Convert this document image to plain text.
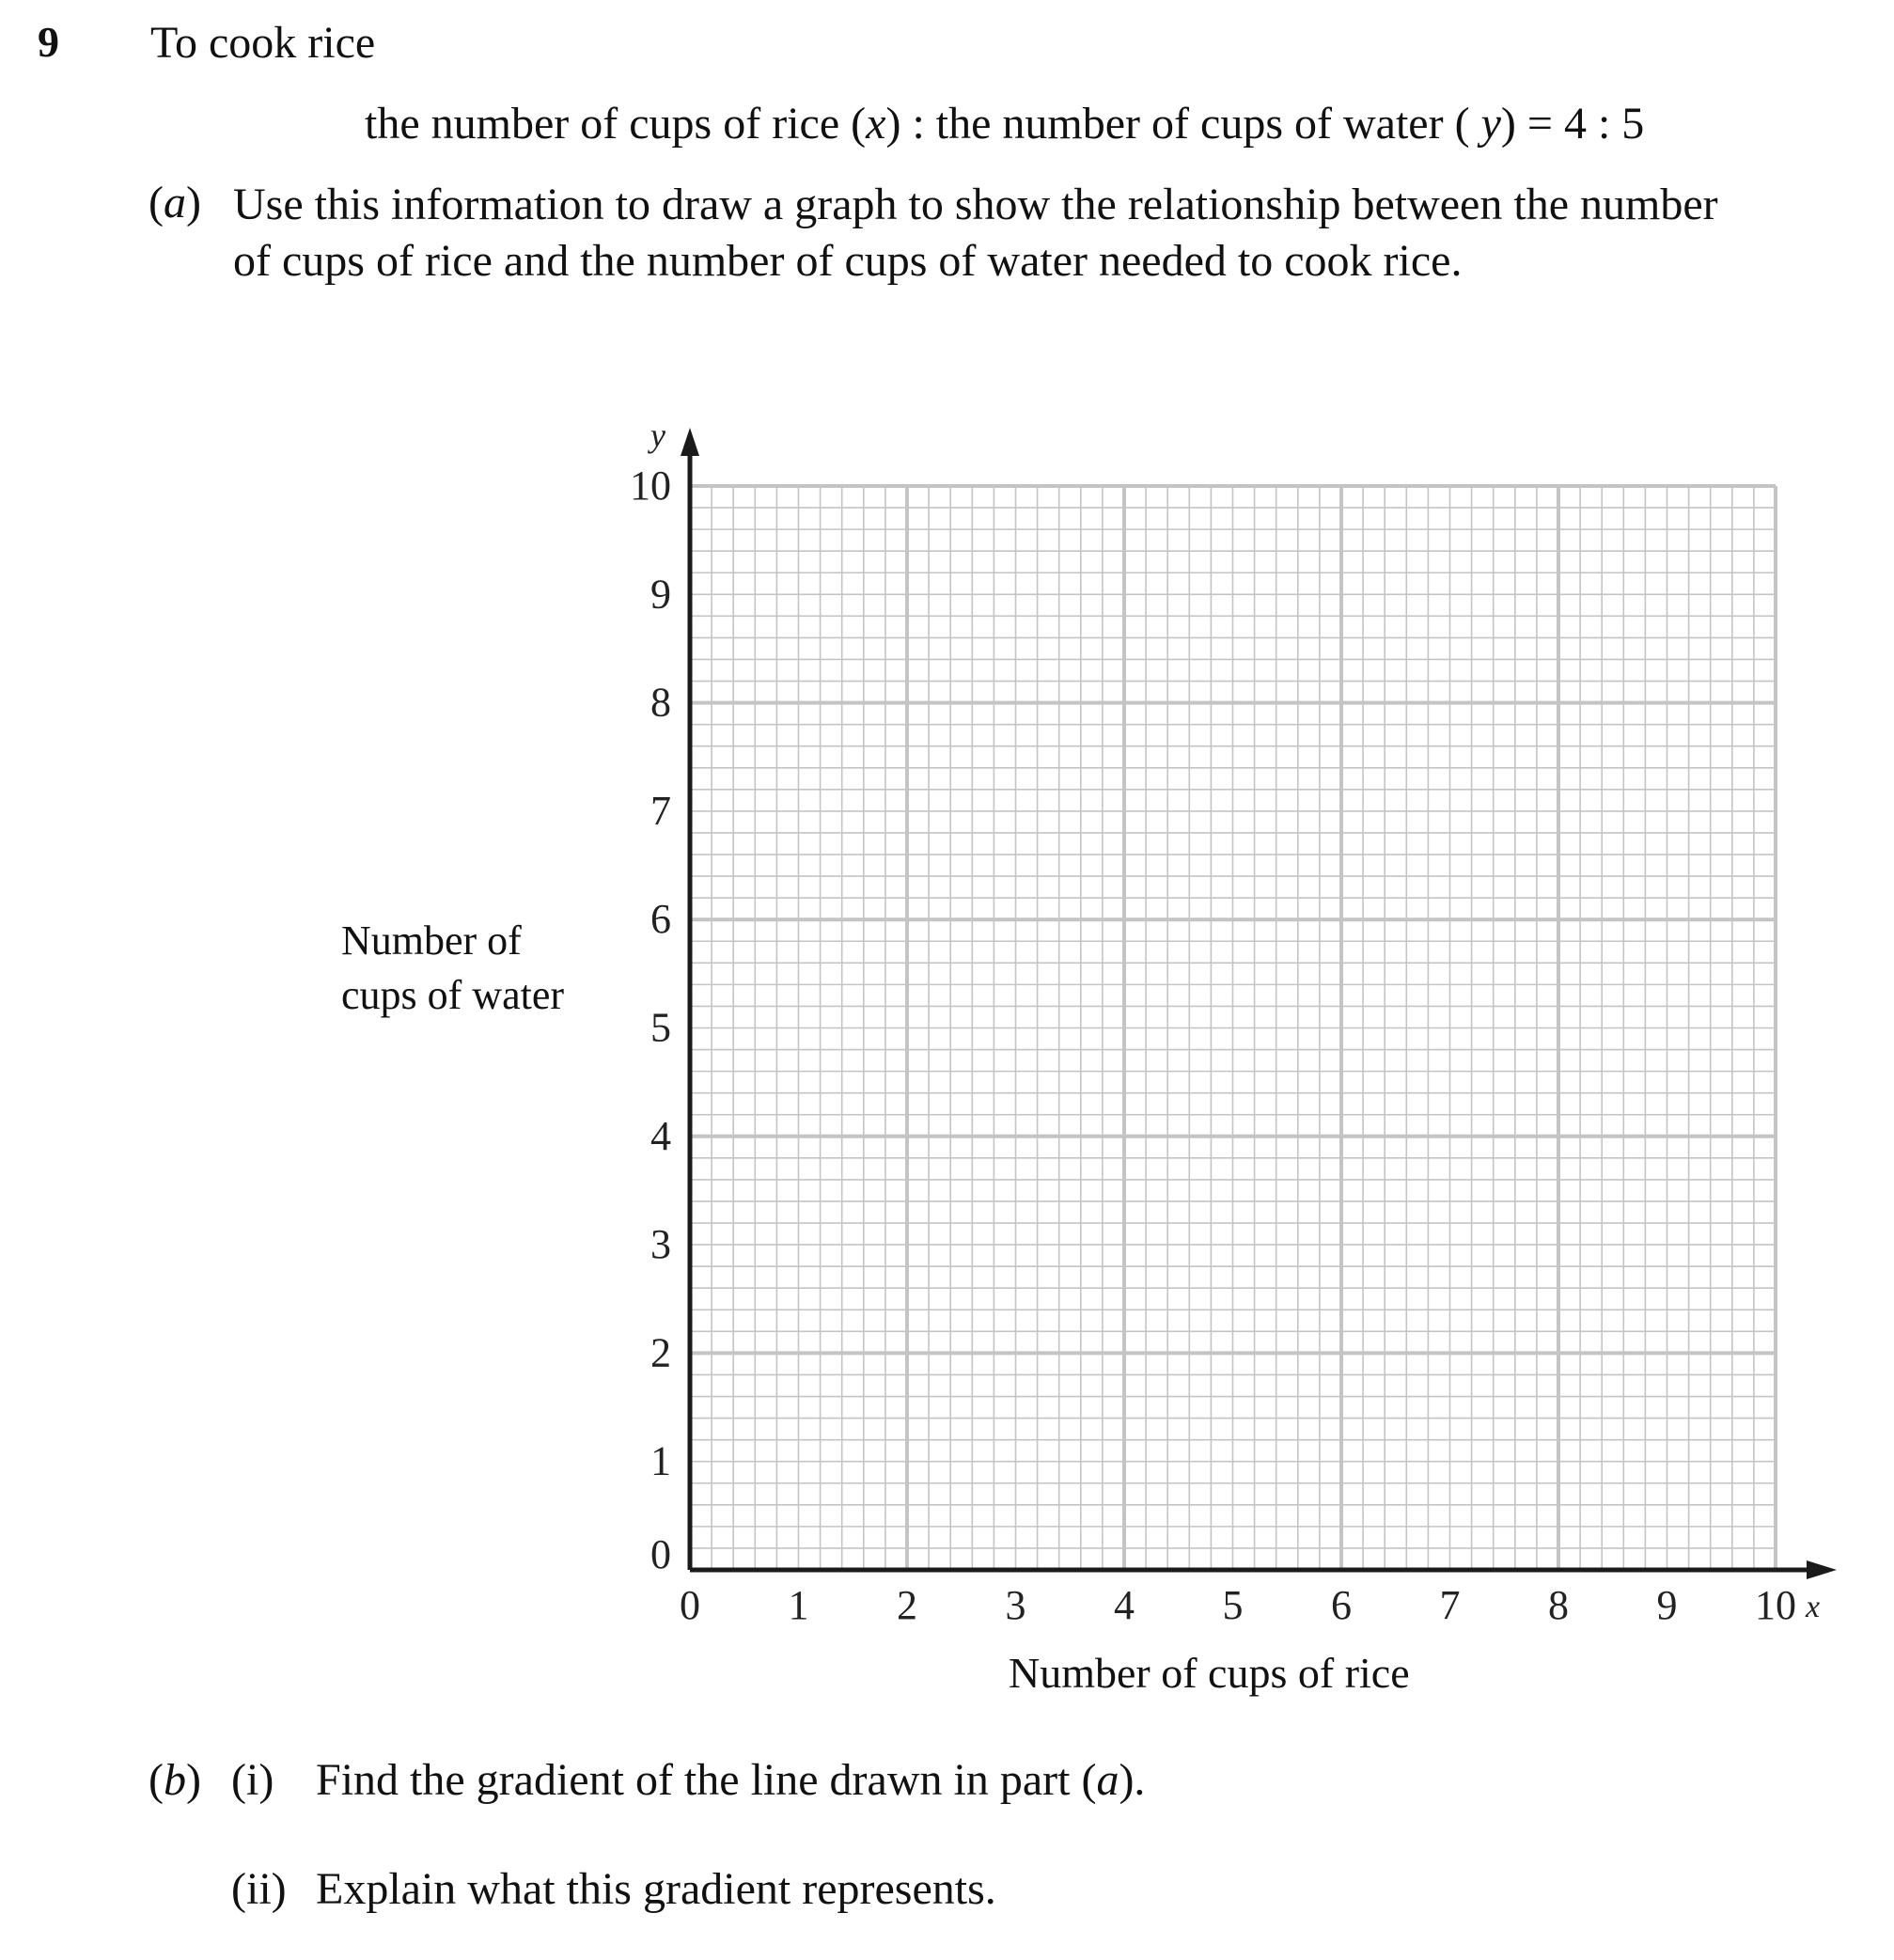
9 To cook rice
the number of cups of rice (x) : the number of cups of water ( y) = 4 : 5
(a) Use this information to draw a graph to show the relationship between the number
of cups of rice and the number of cups of water needed to cook rice.
Number of
cups of water
x
y
0 1 2 3 4 5 6 7 8 9 10
0
1
2
3
4
5
6
7
8
9
10
Number of cups of rice
(b) (i) Find the gradient of the line drawn in part (a).
(ii) Explain what this gradient represents.
